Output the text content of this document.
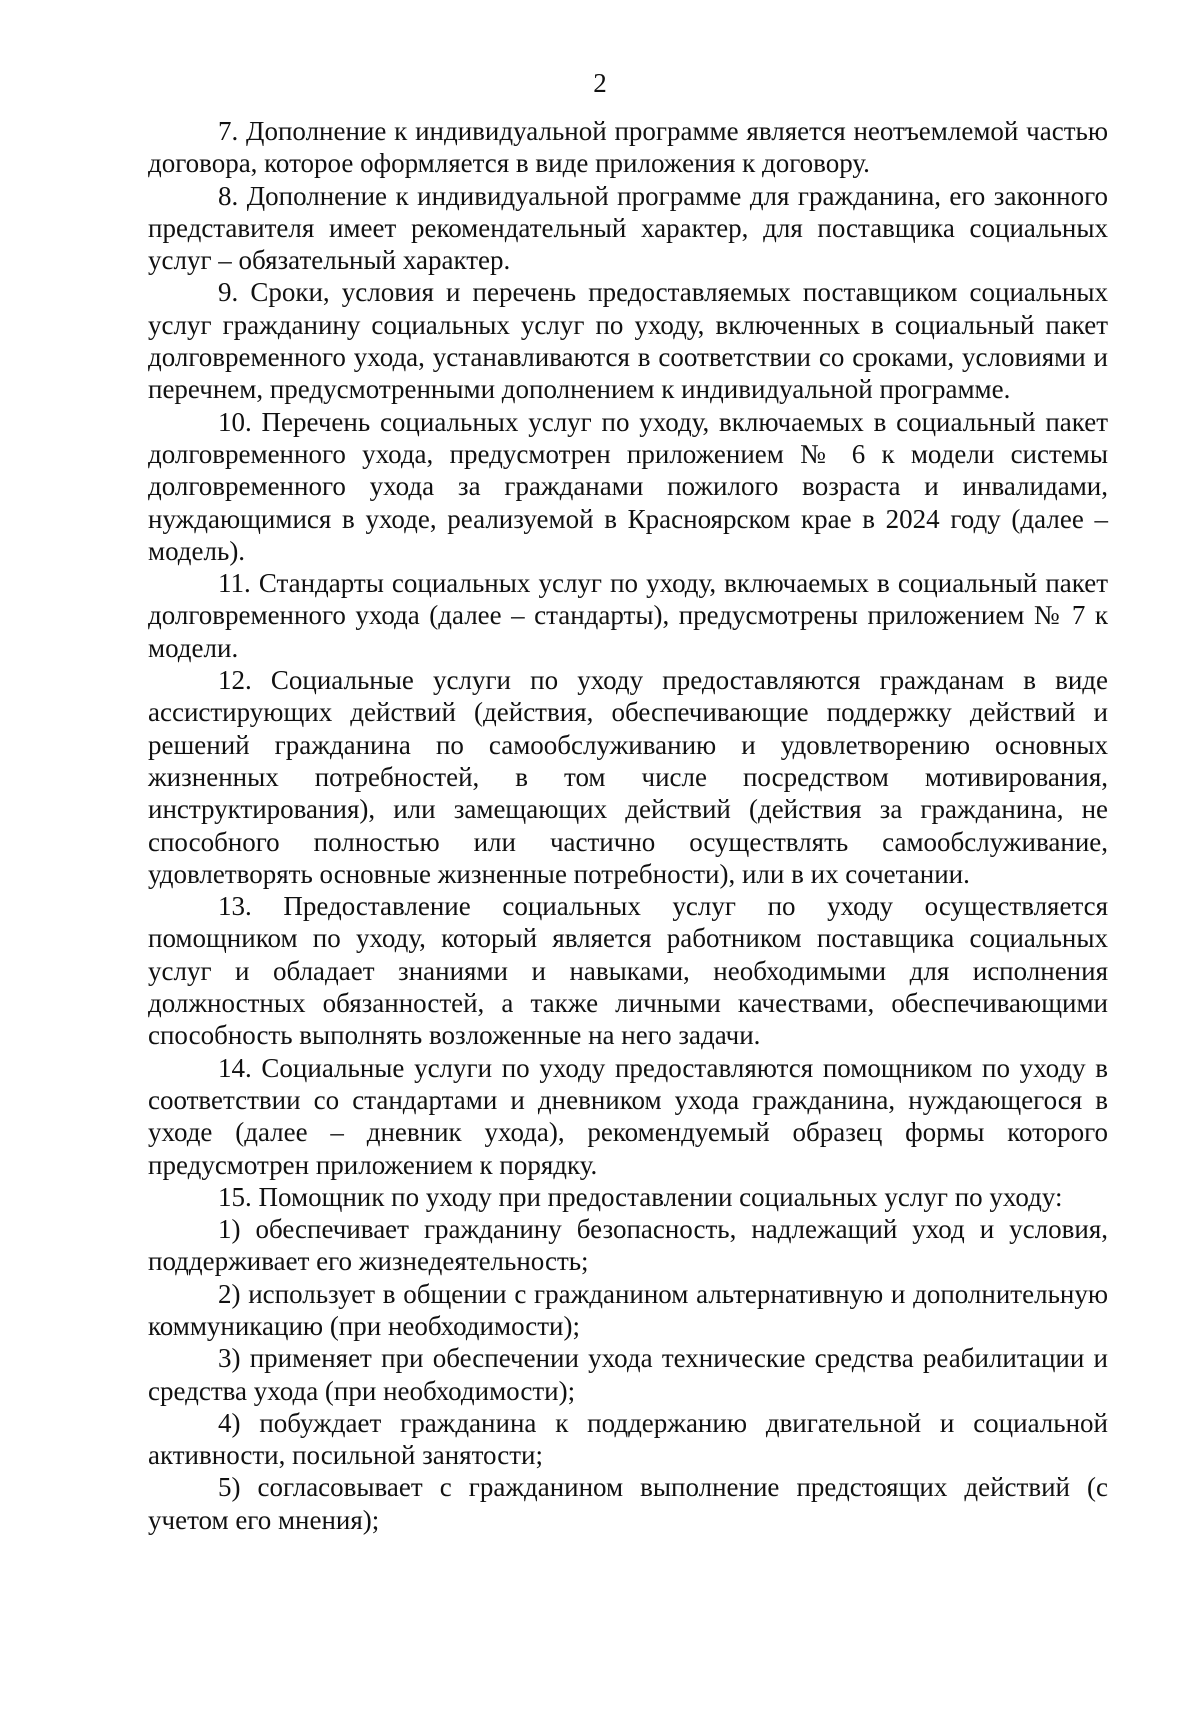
2

7. Дополнение к индивидуальной программе является неотъемлемой частью договора, которое оформляется в виде приложения к договору.

8. Дополнение к индивидуальной программе для гражданина, его законного представителя имеет рекомендательный характер, для поставщика социальных услуг – обязательный характер.

9. Сроки, условия и перечень предоставляемых поставщиком социальных услуг гражданину социальных услуг по уходу, включенных в социальный пакет долговременного ухода, устанавливаются в соответствии со сроками, условиями и перечнем, предусмотренными дополнением к индивидуальной программе.

10. Перечень социальных услуг по уходу, включаемых в социальный пакет долговременного ухода, предусмотрен приложением № 6 к модели системы долговременного ухода за гражданами пожилого возраста и инвалидами, нуждающимися в уходе, реализуемой в Красноярском крае в 2024 году (далее – модель).

11. Стандарты социальных услуг по уходу, включаемых в социальный пакет долговременного ухода (далее – стандарты), предусмотрены приложением № 7 к модели.

12. Социальные услуги по уходу предоставляются гражданам в виде ассистирующих действий (действия, обеспечивающие поддержку действий и решений гражданина по самообслуживанию и удовлетворению основных жизненных потребностей, в том числе посредством мотивирования, инструктирования), или замещающих действий (действия за гражданина, не способного полностью или частично осуществлять самообслуживание, удовлетворять основные жизненные потребности), или в их сочетании.

13. Предоставление социальных услуг по уходу осуществляется помощником по уходу, который является работником поставщика социальных услуг и обладает знаниями и навыками, необходимыми для исполнения должностных обязанностей, а также личными качествами, обеспечивающими способность выполнять возложенные на него задачи.

14. Социальные услуги по уходу предоставляются помощником по уходу в соответствии со стандартами и дневником ухода гражданина, нуждающегося в уходе (далее – дневник ухода), рекомендуемый образец формы которого предусмотрен приложением к порядку.

15. Помощник по уходу при предоставлении социальных услуг по уходу:

1) обеспечивает гражданину безопасность, надлежащий уход и условия, поддерживает его жизнедеятельность;

2) использует в общении с гражданином альтернативную и дополнительную коммуникацию (при необходимости);

3) применяет при обеспечении ухода технические средства реабилитации и средства ухода (при необходимости);

4) побуждает гражданина к поддержанию двигательной и социальной активности, посильной занятости;

5) согласовывает с гражданином выполнение предстоящих действий (с учетом его мнения);
